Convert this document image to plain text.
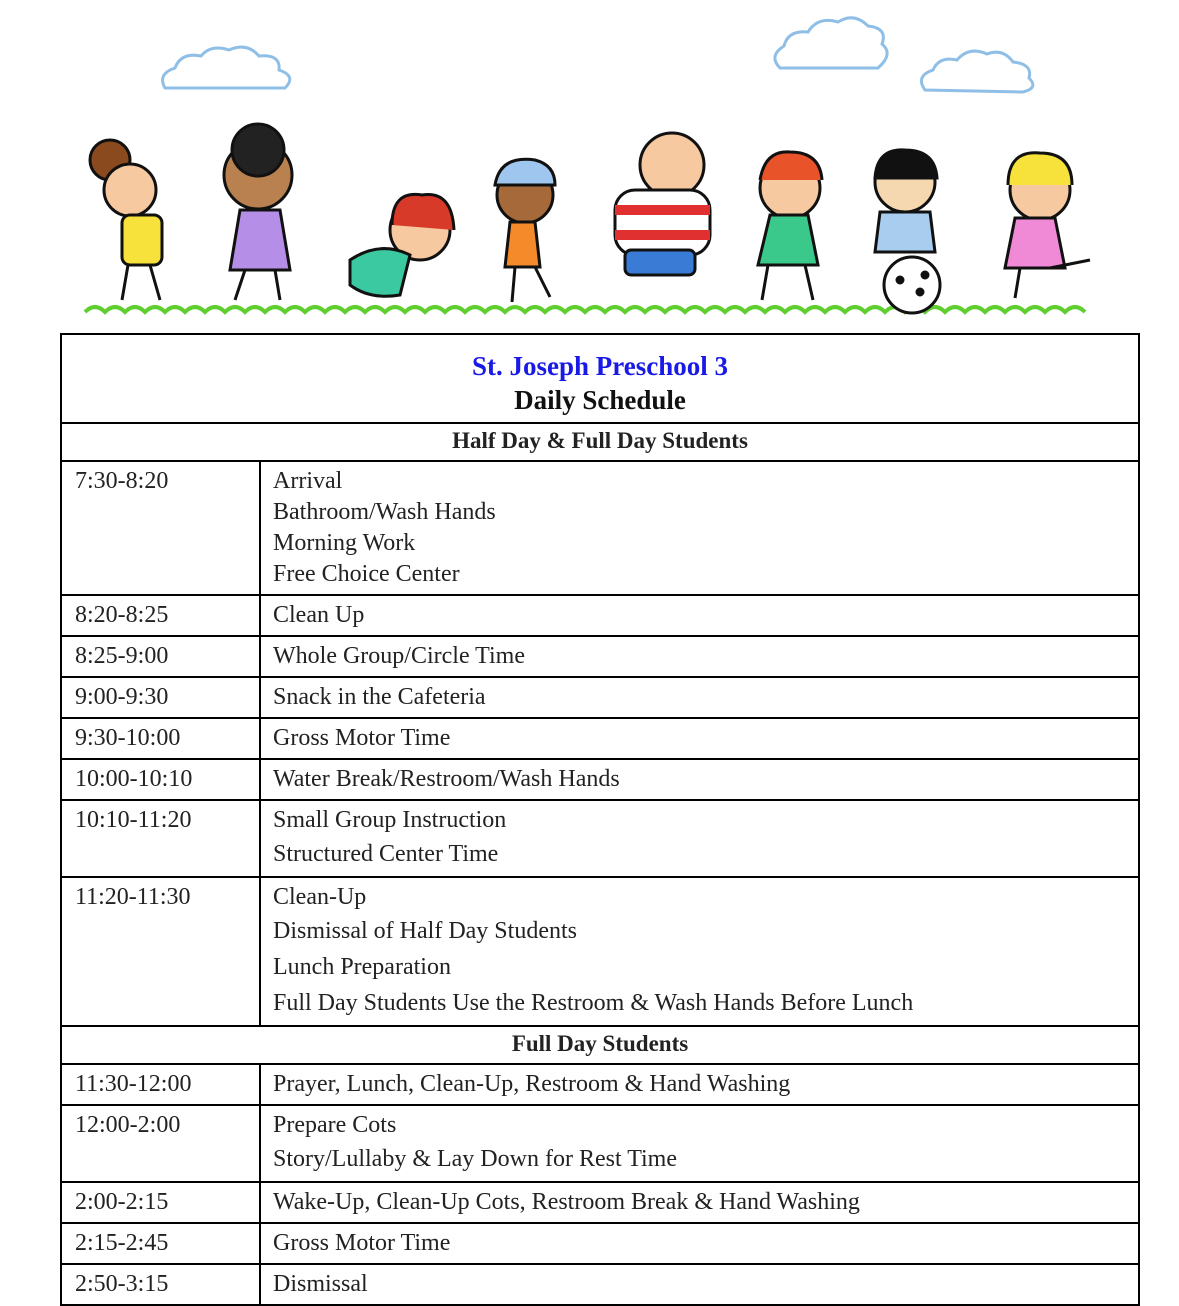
St. Joseph Preschool 3
Daily Schedule	

Half Day & Full Day Students	
7:30-8:20	Arrival
Bathroom/Wash Hands
Morning Work
Free Choice Center

8:20-8:25	Clean Up

8:25-9:00	Whole Group/Circle Time

9:00-9:30	Snack in the Cafeteria

9:30-10:00	Gross Motor Time

10:00-10:10	Water Break/Restroom/Wash Hands

10:10-11:20	Small Group Instruction
Structured Center Time

11:20-11:30	Clean-Up
Dismissal of Half Day Students
Lunch Preparation
Full Day Students Use the Restroom & Wash Hands Before Lunch

Full Day Students	
11:30-12:00	Prayer, Lunch, Clean-Up, Restroom & Hand Washing

12:00-2:00	Prepare Cots
Story/Lullaby & Lay Down for Rest Time

2:00-2:15	Wake-Up, Clean-Up Cots, Restroom Break & Hand Washing

2:15-2:45	Gross Motor Time

2:50-3:15	Dismissal
